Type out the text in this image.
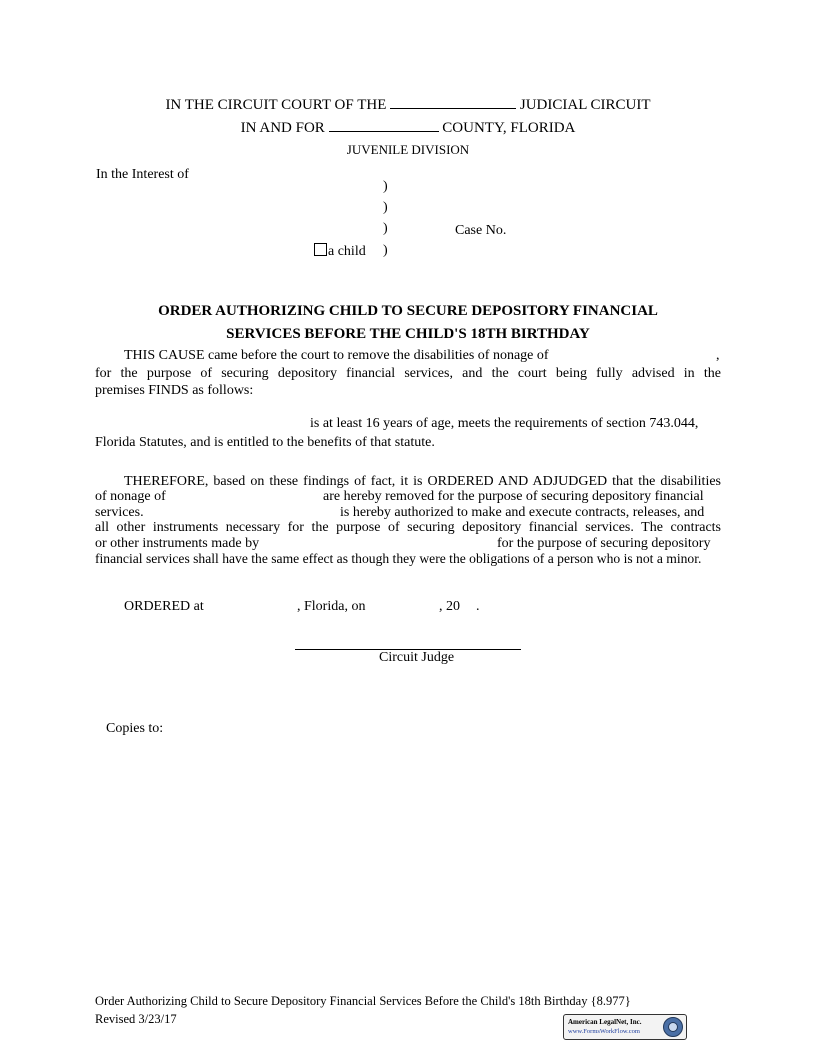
IN THE CIRCUIT COURT OF THE	JUDICIAL CIRCUIT
IN AND FOR	COUNTY, FLORIDA
JUVENILE DIVISION
In the Interest of
)
)
)	Case No.
a child )
ORDER AUTHORIZING CHILD TO SECURE DEPOSITORY FINANCIAL
SERVICES BEFORE THE CHILD'S 18TH BIRTHDAY
THIS CAUSE came before the court to remove the disabilities of nonage of	,
for the purpose of securing depository financial services, and the court being fully advised in the
premises FINDS as follows:
is at least 16 years of age, meets the requirements of section 743.044,
Florida Statutes, and is entitled to the benefits of that statute.
THEREFORE, based on these findings of fact, it is ORDERED AND ADJUDGED that the disabilities
of nonage of	are hereby removed for the purpose of securing depository financial
services.	is hereby authorized to make and execute contracts, releases, and
all other instruments necessary for the purpose of securing depository financial services. The contracts
or other instruments made by	for the purpose of securing depository
financial services shall have the same effect as though they were the obligations of a person who is not a minor.
ORDERED at	, Florida, on	, 20 .
Circuit Judge
Copies to:
Order Authorizing Child to Secure Depository Financial Services Before the Child's 18th Birthday {8.977}
Revised 3/23/17	American LegalNet, Inc.
www.FormsWorkFlow.com
